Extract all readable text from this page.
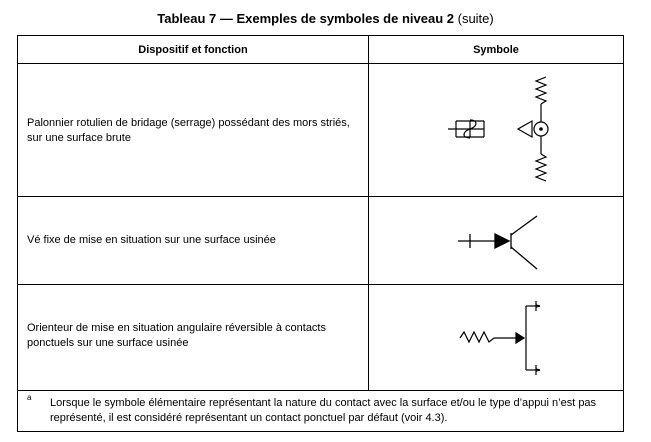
Tableau 7 — Exemples de symboles de niveau 2 (suite)
Dispositif et fonction	Symbole
Palonnier rotulien de bridage (serrage) possédant des mors striés,
sur une surface brute
Vé fixe de mise en situation sur une surface usinée
Orienteur de mise en situation angulaire réversible à contacts
ponctuels sur une surface usinée
a Lorsque le symbole élémentaire représentant la nature du contact avec la surface et/ou le type d’appui n’est pas
représenté, il est considéré représentant un contact ponctuel par défaut (voir 4.3).
